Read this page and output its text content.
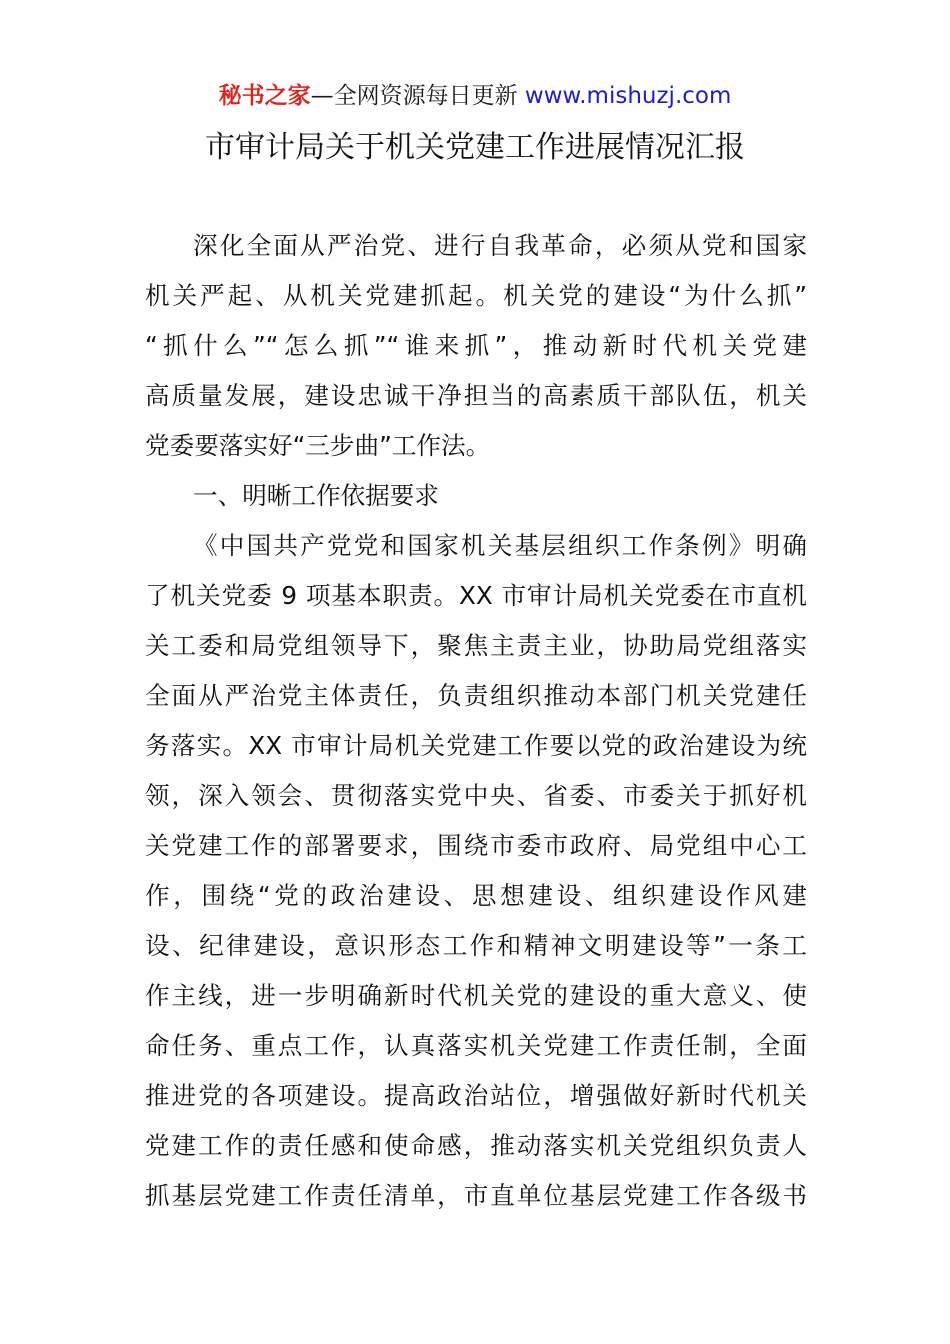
秘书之家—全网资源每日更新 www.mishuzj.com
市审计局关于机关党建工作进展情况汇报
深化全面从严治党、进行自我革命，必须从党和国家
机关严起、从机关党建抓起。机关党的建设“为什么抓”
“抓什么”“怎么抓”“谁来抓”，推动新时代机关党建
高质量发展，建设忠诚干净担当的高素质干部队伍，机关
党委要落实好“三步曲”工作法。
一、明晰工作依据要求
《中国共产党党和国家机关基层组织工作条例》明确
了机关党委 9 项基本职责。XX 市审计局机关党委在市直机
关工委和局党组领导下，聚焦主责主业，协助局党组落实
全面从严治党主体责任，负责组织推动本部门机关党建任
务落实。XX 市审计局机关党建工作要以党的政治建设为统
领，深入领会、贯彻落实党中央、省委、市委关于抓好机
关党建工作的部署要求，围绕市委市政府、局党组中心工
作，围绕“党的政治建设、思想建设、组织建设作风建
设、纪律建设，意识形态工作和精神文明建设等”一条工
作主线，进一步明确新时代机关党的建设的重大意义、使
命任务、重点工作，认真落实机关党建工作责任制，全面
推进党的各项建设。提高政治站位，增强做好新时代机关
党建工作的责任感和使命感，推动落实机关党组织负责人
抓基层党建工作责任清单，市直单位基层党建工作各级书
